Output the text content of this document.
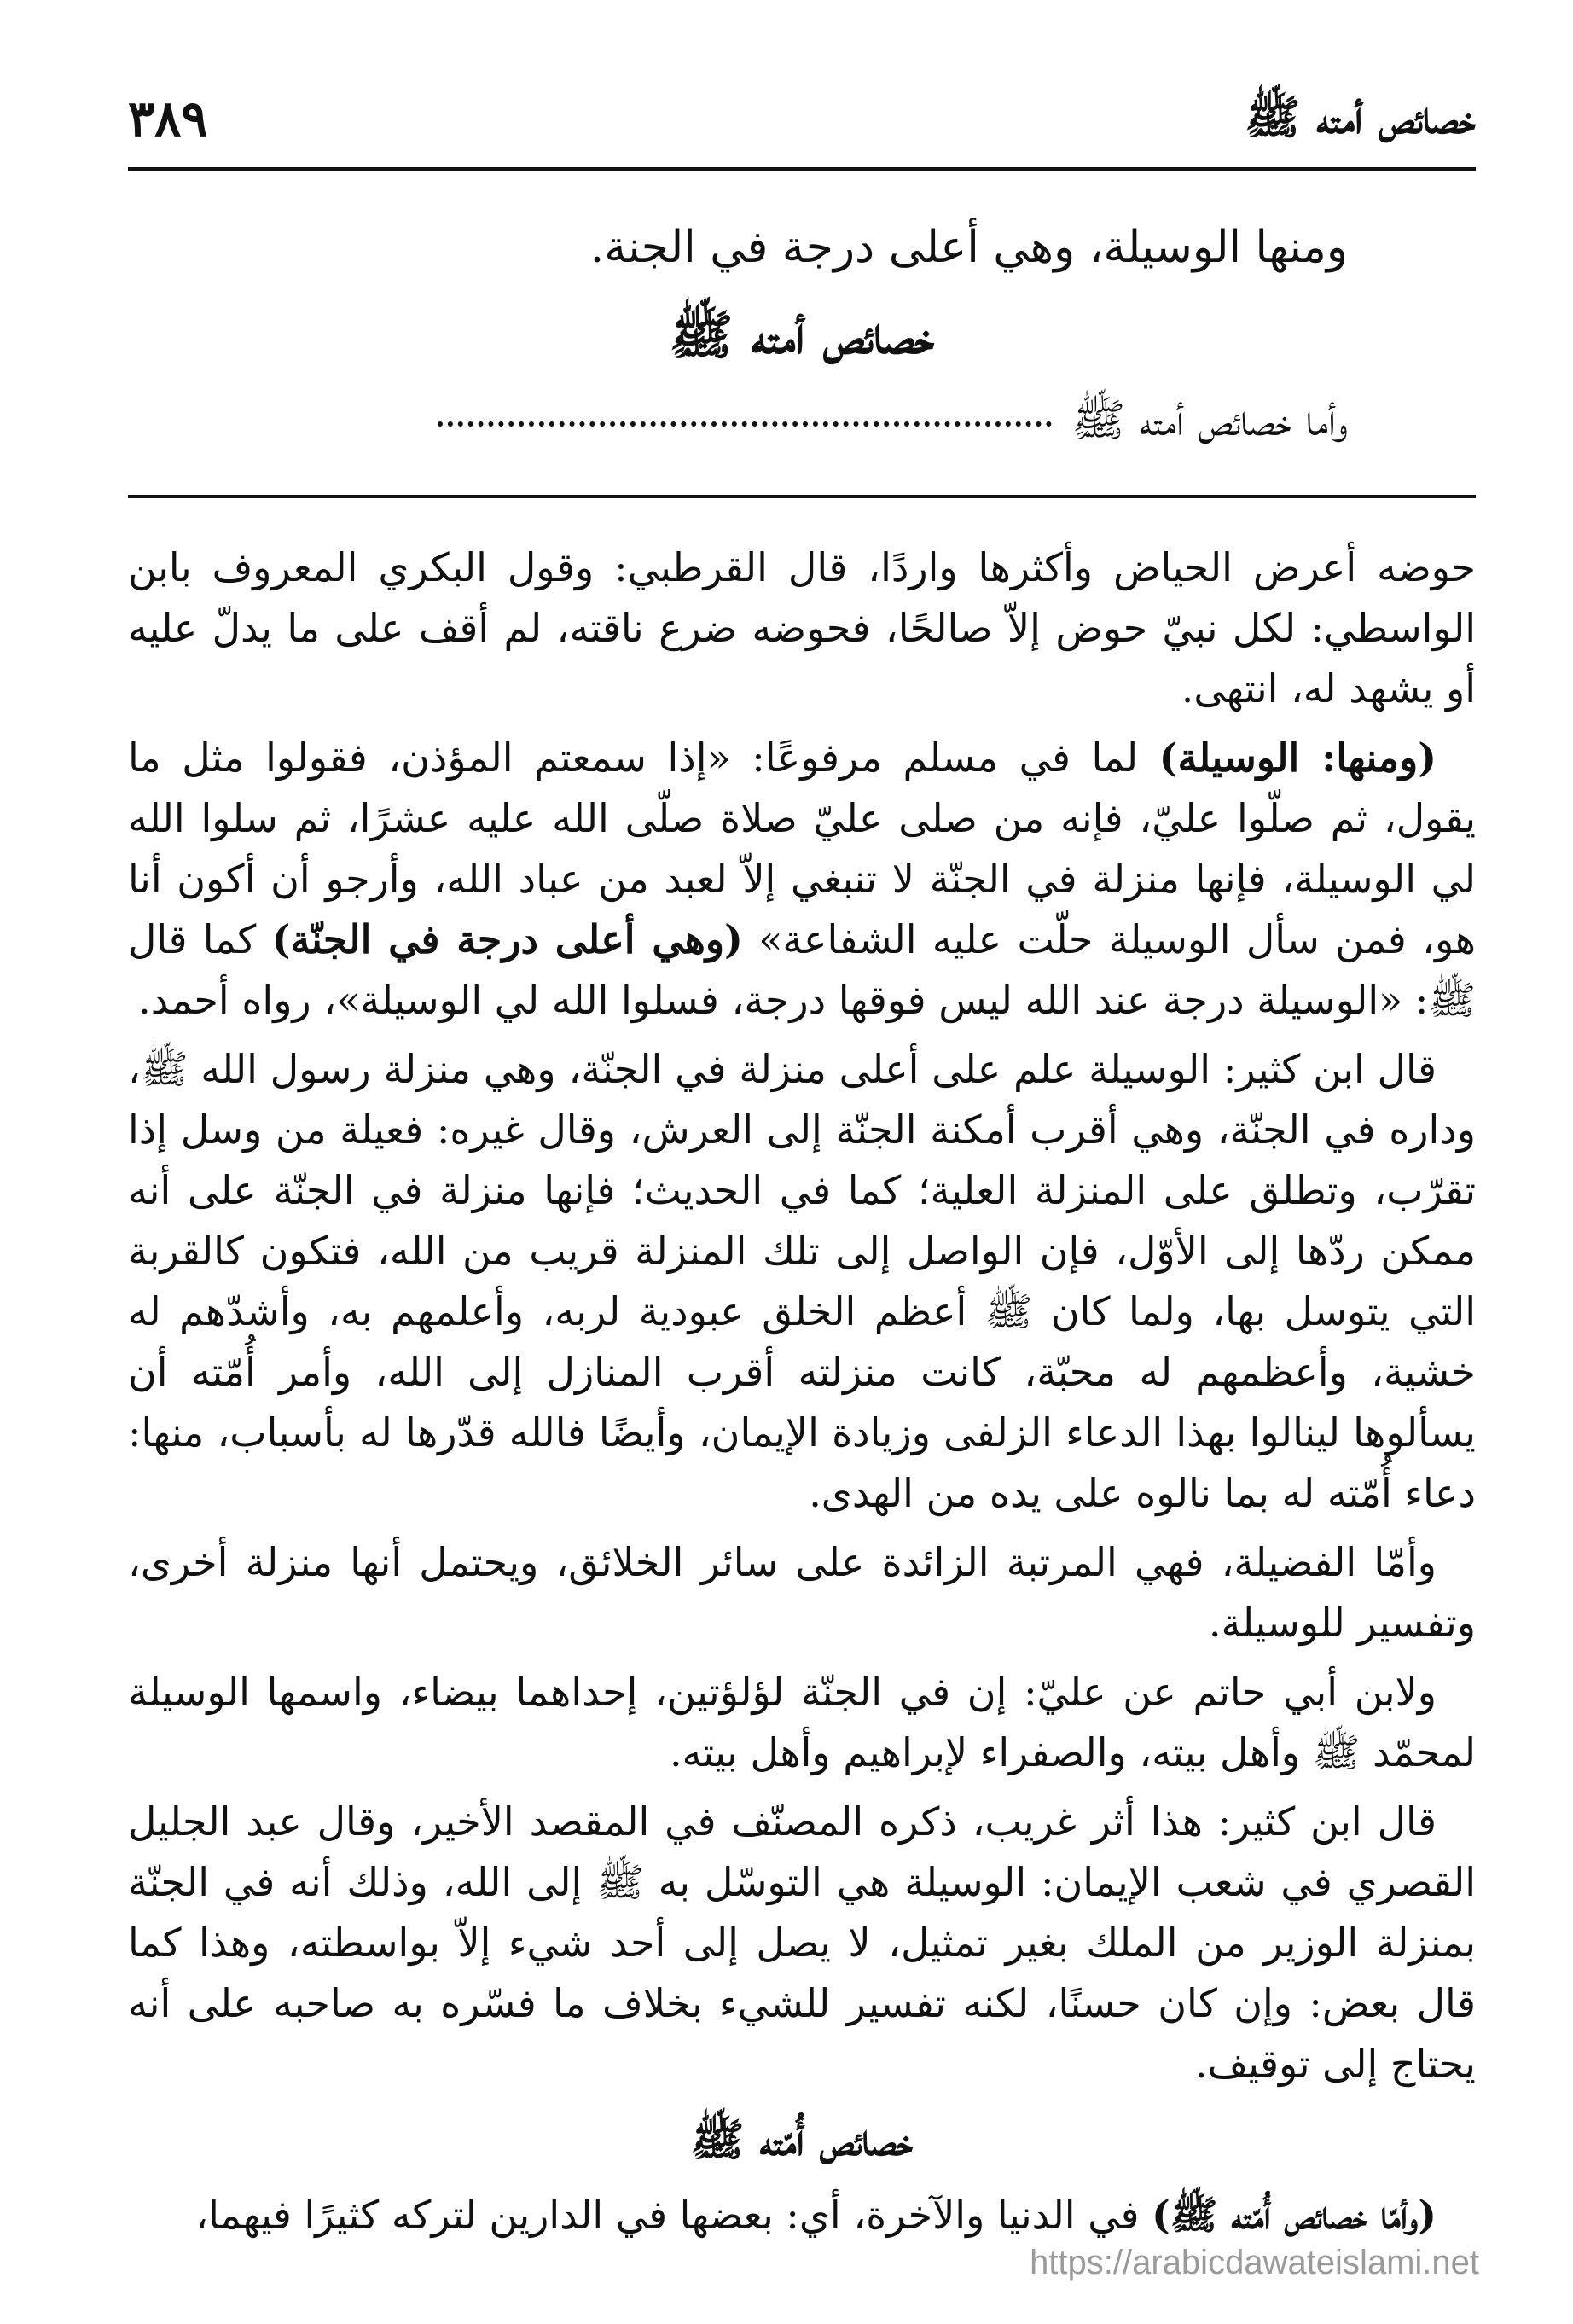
خصائص أمته ﷺ
٣٨٩
ومنها الوسيلة، وهي أعلى درجة في الجنة.
خصائص أمته ﷺ
وأما خصائص أمته ﷺ

حوضه أعرض الحياض وأكثرها واردًا، قال القرطبي: وقول البكري المعروف بابن الواسطي: لكل نبيّ حوض إلاّ صالحًا، فحوضه ضرع ناقته، لم أقف على ما يدلّ عليه أو يشهد له، انتهى.

(ومنها: الوسيلة) لما في مسلم مرفوعًا: «إذا سمعتم المؤذن، فقولوا مثل ما يقول، ثم صلّوا عليّ، فإنه من صلى عليّ صلاة صلّى الله عليه عشرًا، ثم سلوا الله لي الوسيلة، فإنها منزلة في الجنّة لا تنبغي إلاّ لعبد من عباد الله، وأرجو أن أكون أنا هو، فمن سأل الوسيلة حلّت عليه الشفاعة» (وهي أعلى درجة في الجنّة) كما قال ﷺ: «الوسيلة درجة عند الله ليس فوقها درجة، فسلوا الله لي الوسيلة»، رواه أحمد.

قال ابن كثير: الوسيلة علم على أعلى منزلة في الجنّة، وهي منزلة رسول الله ﷺ، وداره في الجنّة، وهي أقرب أمكنة الجنّة إلى العرش، وقال غيره: فعيلة من وسل إذا تقرّب، وتطلق على المنزلة العلية؛ كما في الحديث؛ فإنها منزلة في الجنّة على أنه ممكن ردّها إلى الأوّل، فإن الواصل إلى تلك المنزلة قريب من الله، فتكون كالقربة التي يتوسل بها، ولما كان ﷺ أعظم الخلق عبودية لربه، وأعلمهم به، وأشدّهم له خشية، وأعظمهم له محبّة، كانت منزلته أقرب المنازل إلى الله، وأمر أُمّته أن يسألوها لينالوا بهذا الدعاء الزلفى وزيادة الإيمان، وأيضًا فالله قدّرها له بأسباب، منها: دعاء أُمّته له بما نالوه على يده من الهدى.

وأمّا الفضيلة، فهي المرتبة الزائدة على سائر الخلائق، ويحتمل أنها منزلة أخرى، وتفسير للوسيلة.

ولابن أبي حاتم عن عليّ: إن في الجنّة لؤلؤتين، إحداهما بيضاء، واسمها الوسيلة لمحمّد ﷺ وأهل بيته، والصفراء لإبراهيم وأهل بيته.

قال ابن كثير: هذا أثر غريب، ذكره المصنّف في المقصد الأخير، وقال عبد الجليل القصري في شعب الإيمان: الوسيلة هي التوسّل به ﷺ إلى الله، وذلك أنه في الجنّة بمنزلة الوزير من الملك بغير تمثيل، لا يصل إلى أحد شيء إلاّ بواسطته، وهذا كما قال بعض: وإن كان حسنًا، لكنه تفسير للشيء بخلاف ما فسّره به صاحبه على أنه يحتاج إلى توقيف.

خصائص أُمّته ﷺ

(وأمّا خصائص أُمّته ﷺ) في الدنيا والآخرة، أي: بعضها في الدارين لتركه كثيرًا فيهما،

https://arabicdawateislami.net
